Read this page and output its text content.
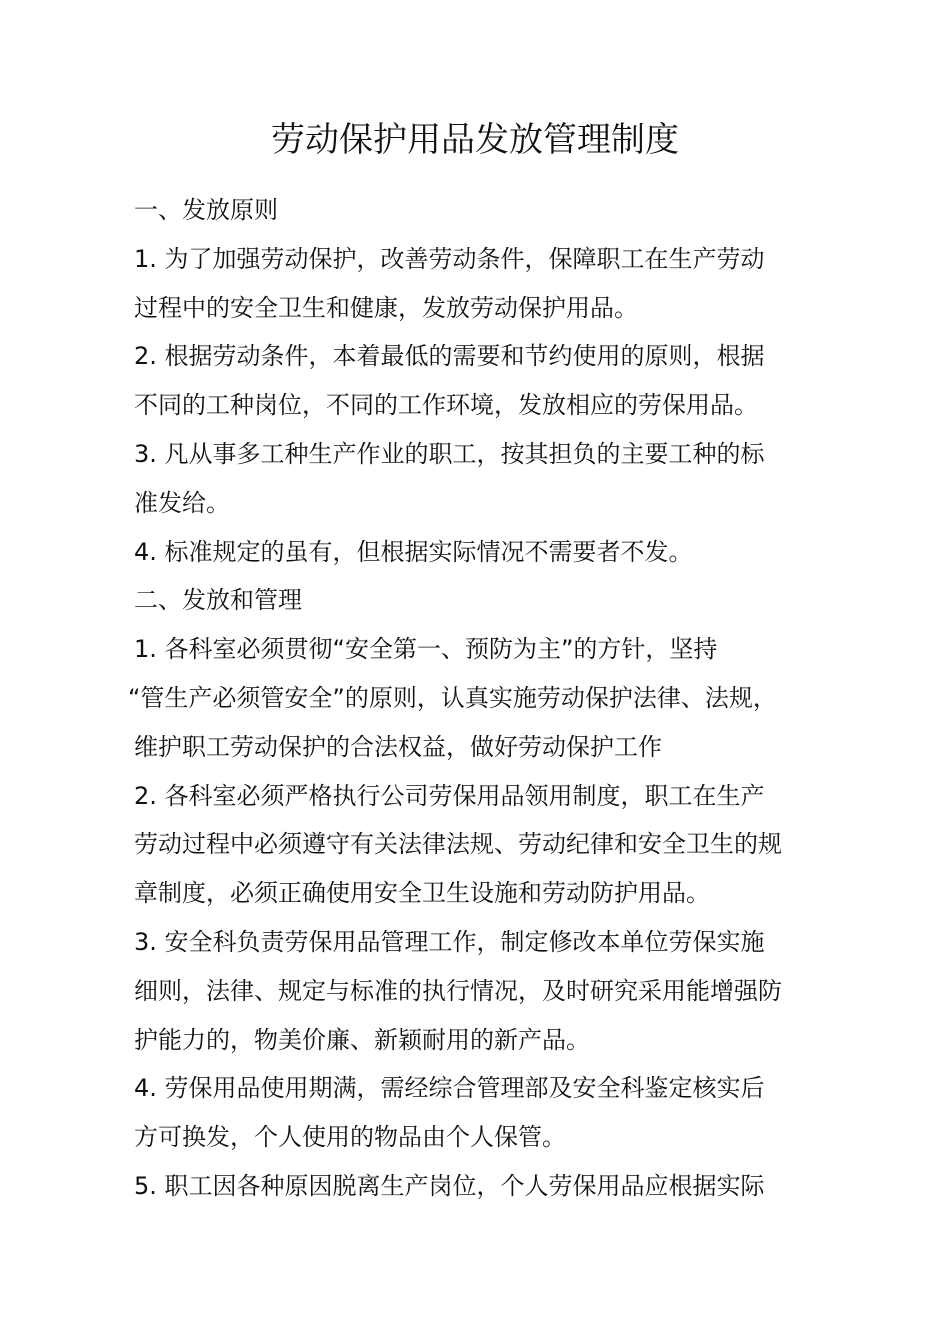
劳动保护用品发放管理制度
一、发放原则
1. 为了加强劳动保护，改善劳动条件，保障职工在生产劳动
过程中的安全卫生和健康，发放劳动保护用品。
2. 根据劳动条件，本着最低的需要和节约使用的原则，根据
不同的工种岗位，不同的工作环境，发放相应的劳保用品。
3. 凡从事多工种生产作业的职工，按其担负的主要工种的标
准发给。
4. 标准规定的虽有，但根据实际情况不需要者不发。
二、发放和管理
1. 各科室必须贯彻“安全第一、预防为主”的方针，坚持
“管生产必须管安全”的原则，认真实施劳动保护法律、法规，
维护职工劳动保护的合法权益，做好劳动保护工作
2. 各科室必须严格执行公司劳保用品领用制度，职工在生产
劳动过程中必须遵守有关法律法规、劳动纪律和安全卫生的规
章制度，必须正确使用安全卫生设施和劳动防护用品。
3. 安全科负责劳保用品管理工作，制定修改本单位劳保实施
细则，法律、规定与标准的执行情况，及时研究采用能增强防
护能力的，物美价廉、新颖耐用的新产品。
4. 劳保用品使用期满，需经综合管理部及安全科鉴定核实后
方可换发，个人使用的物品由个人保管。
5. 职工因各种原因脱离生产岗位，个人劳保用品应根据实际
